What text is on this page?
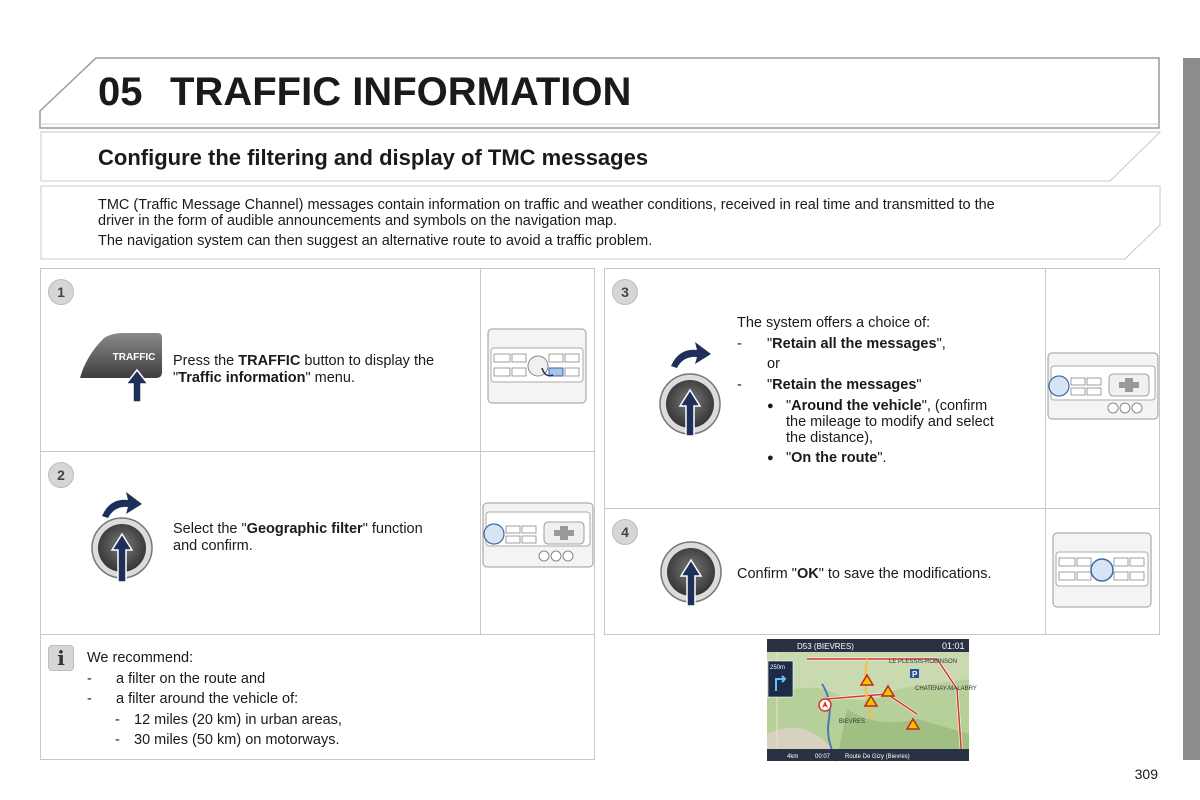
05 TRAFFIC INFORMATION
Configure the filtering and display of TMC messages

TMC (Traffic Message Channel) messages contain information on traffic and weather conditions, received in real time and transmitted to the

driver in the form of audible announcements and symbols on the navigation map.

The navigation system can then suggest an alternative route to avoid a traffic problem.

1
TRAFFIC Press the TRAFFIC button to display the
"Traffic information" menu.
2
Select the "Geographic filter" function
and confirm.
3
The system offers a choice of:
- "Retain all the messages",
or
- "Retain the messages"
● "Around the vehicle", (confirm
the mileage to modify and select
the distance),
● "On the route".
4
Confirm "OK" to save the modifications.
i	We recommend:
- a filter on the route and
- a filter around the vehicle of:
- 12 miles (20 km) in urban areas,
- 30 miles (50 km) on motorways.
D53 (BIEVRES)	01:01
250m
LE PLESSIS-ROBINSON
CHATENAY-MALABRY
BIEVRES
P
4km	00:07 Route De Gizy (Bievres)
309
